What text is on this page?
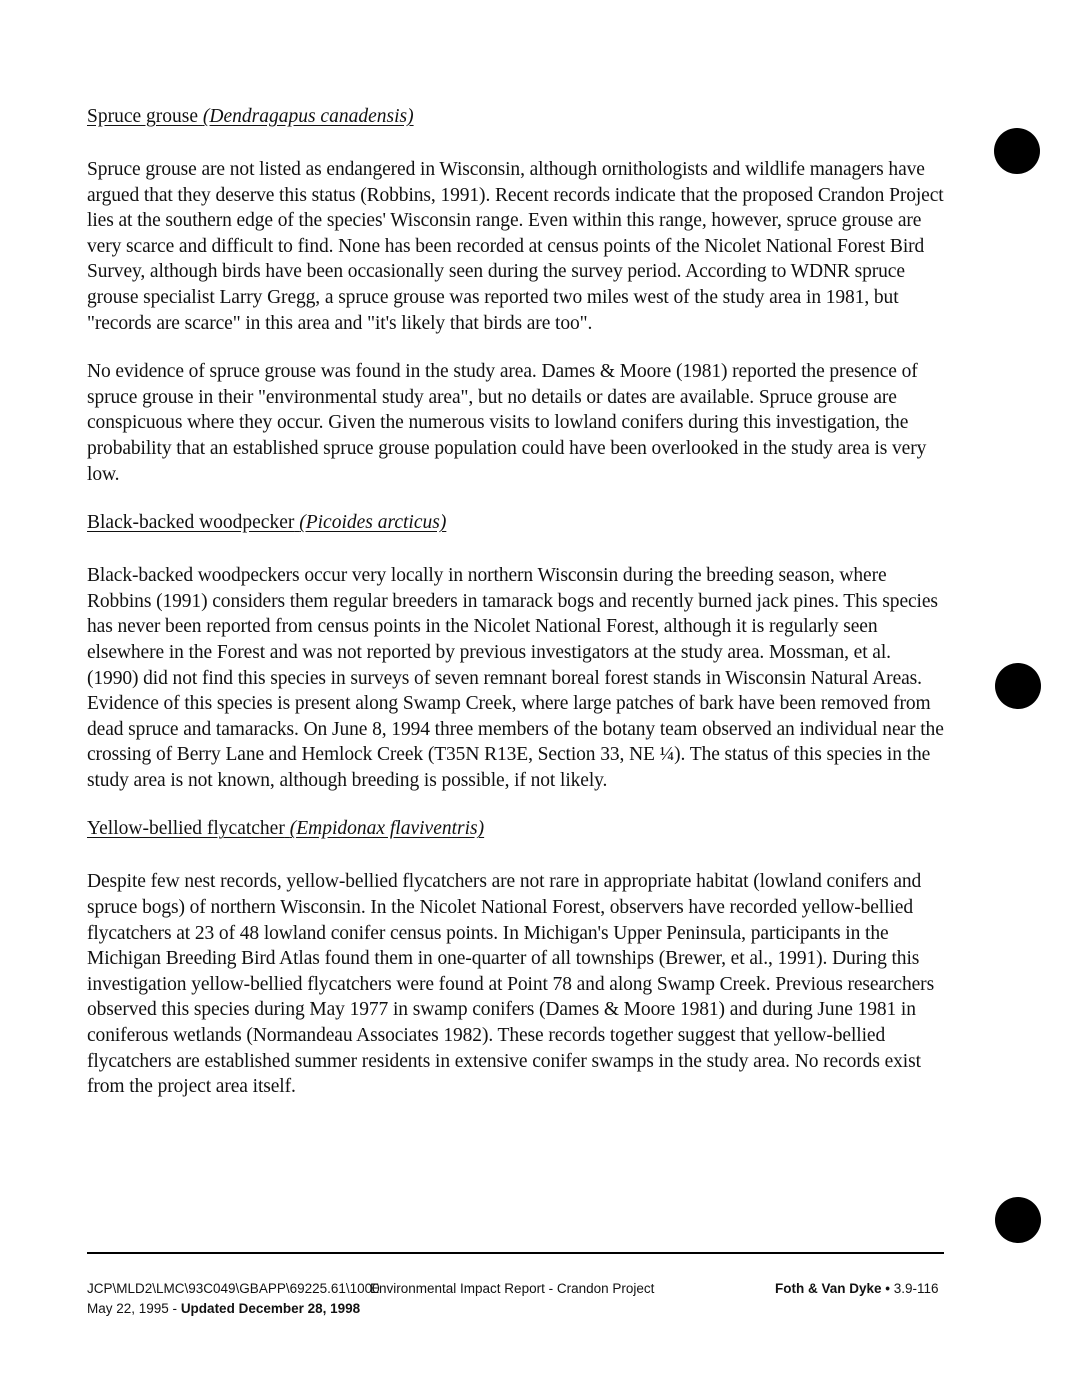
Spruce grouse (Dendragapus canadensis)

Spruce grouse are not listed as endangered in Wisconsin, although ornithologists and wildlife managers have argued that they deserve this status (Robbins, 1991). Recent records indicate that the proposed Crandon Project lies at the southern edge of the species' Wisconsin range. Even within this range, however, spruce grouse are very scarce and difficult to find. None has been recorded at census points of the Nicolet National Forest Bird Survey, although birds have been occasionally seen during the survey period. According to WDNR spruce grouse specialist Larry Gregg, a spruce grouse was reported two miles west of the study area in 1981, but "records are scarce" in this area and "it's likely that birds are too".

No evidence of spruce grouse was found in the study area. Dames & Moore (1981) reported the presence of spruce grouse in their "environmental study area", but no details or dates are available. Spruce grouse are conspicuous where they occur. Given the numerous visits to lowland conifers during this investigation, the probability that an established spruce grouse population could have been overlooked in the study area is very low.

Black-backed woodpecker (Picoides arcticus)

Black-backed woodpeckers occur very locally in northern Wisconsin during the breeding season, where Robbins (1991) considers them regular breeders in tamarack bogs and recently burned jack pines. This species has never been reported from census points in the Nicolet National Forest, although it is regularly seen elsewhere in the Forest and was not reported by previous investigators at the study area. Mossman, et al. (1990) did not find this species in surveys of seven remnant boreal forest stands in Wisconsin Natural Areas. Evidence of this species is present along Swamp Creek, where large patches of bark have been removed from dead spruce and tamaracks. On June 8, 1994 three members of the botany team observed an individual near the crossing of Berry Lane and Hemlock Creek (T35N R13E, Section 33, NE ¼). The status of this species in the study area is not known, although breeding is possible, if not likely.

Yellow-bellied flycatcher (Empidonax flaviventris)

Despite few nest records, yellow-bellied flycatchers are not rare in appropriate habitat (lowland conifers and spruce bogs) of northern Wisconsin. In the Nicolet National Forest, observers have recorded yellow-bellied flycatchers at 23 of 48 lowland conifer census points. In Michigan's Upper Peninsula, participants in the Michigan Breeding Bird Atlas found them in one-quarter of all townships (Brewer, et al., 1991). During this investigation yellow-bellied flycatchers were found at Point 78 and along Swamp Creek. Previous researchers observed this species during May 1977 in swamp conifers (Dames & Moore 1981) and during June 1981 in coniferous wetlands (Normandeau Associates 1982). These records together suggest that yellow-bellied flycatchers are established summer residents in extensive conifer swamps in the study area. No records exist from the project area itself.

JCP\MLD2\LMC\93C049\GBAPP\69225.61\1000
May 22, 1995 - Updated December 28, 1998
Environmental Impact Report - Crandon Project	Foth & Van Dyke • 3.9-116
